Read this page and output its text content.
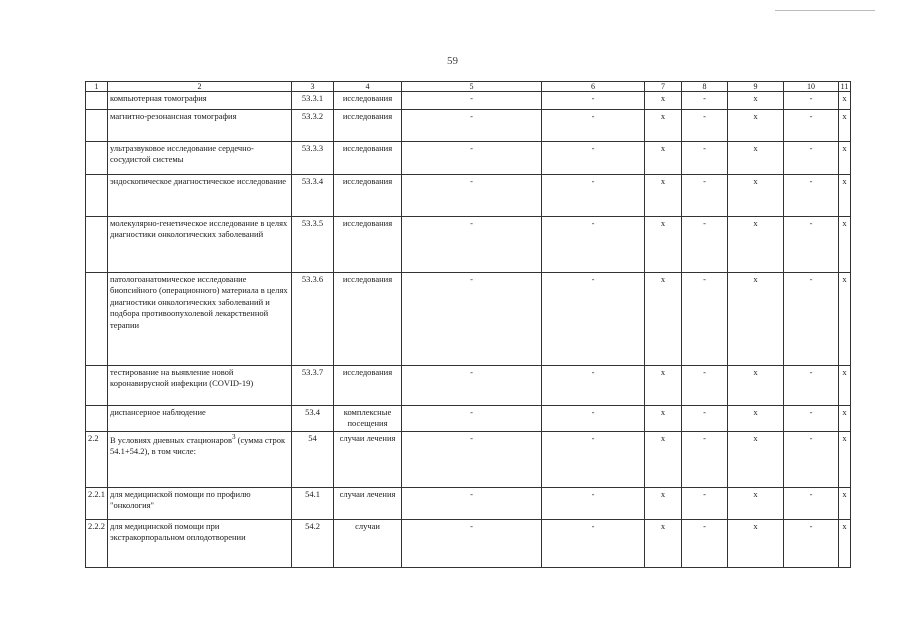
59
1	2	3	4	5	6	7	8	9	10	11
	компьютерная томография	53.3.1	исследования	-	-	х	-	х	-	х
	магнитно-резонансная томография	53.3.2	исследования	-	-	х	-	х	-	х
	ультразвуковое исследование сердечно-сосудистой системы	53.3.3	исследования	-	-	х	-	х	-	х
	эндоскопическое диагностическое исследование	53.3.4	исследования	-	-	х	-	х	-	х
	молекулярно-генетическое исследование в целях диагностики онкологических заболеваний	53.3.5	исследования	-	-	х	-	х	-	х
	патологоанатомическое исследование биопсийного (операционного) материала в целях диагностики онкологических заболеваний и подбора противоопухолевой лекарственной терапии	53.3.6	исследования	-	-	х	-	х	-	х
	тестирование на выявление новой коронавирусной инфекции (COVID-19)	53.3.7	исследования	-	-	х	-	х	-	х
	диспансерное наблюдение	53.4	комплексные посещения	-	-	х	-	х	-	х
2.2	В условиях дневных стационаров$^3$ (сумма строк 54.1+54.2), в том числе:	54	случаи лечения	-	-	х	-	х	-	х
2.2.1	для медицинской помощи по профилю "онкология"	54.1	случаи лечения	-	-	х	-	х	-	х
2.2.2	для медицинской помощи при экстракорпоральном оплодотворении	54.2	случаи	-	-	х	-	х	-	х
